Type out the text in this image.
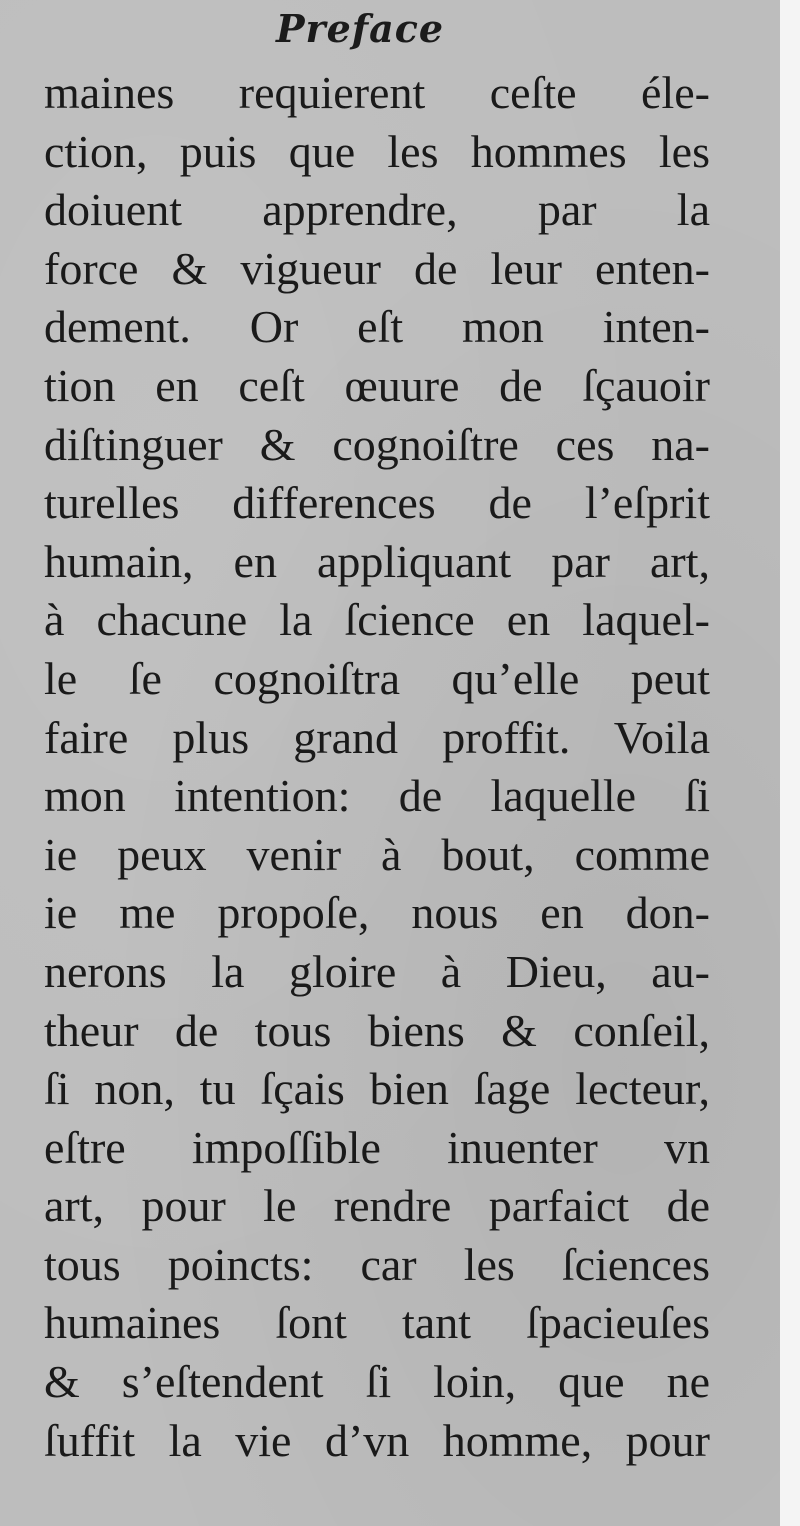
Preface
maines requierent ceſte éle-
ction, puis que les hommes les
doiuent apprendre, par la
force & vigueur de leur enten-
dement. Or eſt mon inten-
tion en ceſt œuure de ſçauoir
diſtinguer & cognoiſtre ces na-
turelles differences de l’eſprit
humain, en appliquant par art,
à chacune la ſcience en laquel-
le ſe cognoiſtra qu’elle peut
faire plus grand proffit. Voila
mon intention: de laquelle ſi
ie peux venir à bout, comme
ie me propoſe, nous en don-
nerons la gloire à Dieu, au-
theur de tous biens & conſeil,
ſi non, tu ſçais bien ſage lecteur,
eſtre impoſſible inuenter vn
art, pour le rendre parfaict de
tous poincts: car les ſciences
humaines ſont tant ſpacieuſes
& s’eſtendent ſi loin, que ne
ſuffit la vie d’vn homme, pour
